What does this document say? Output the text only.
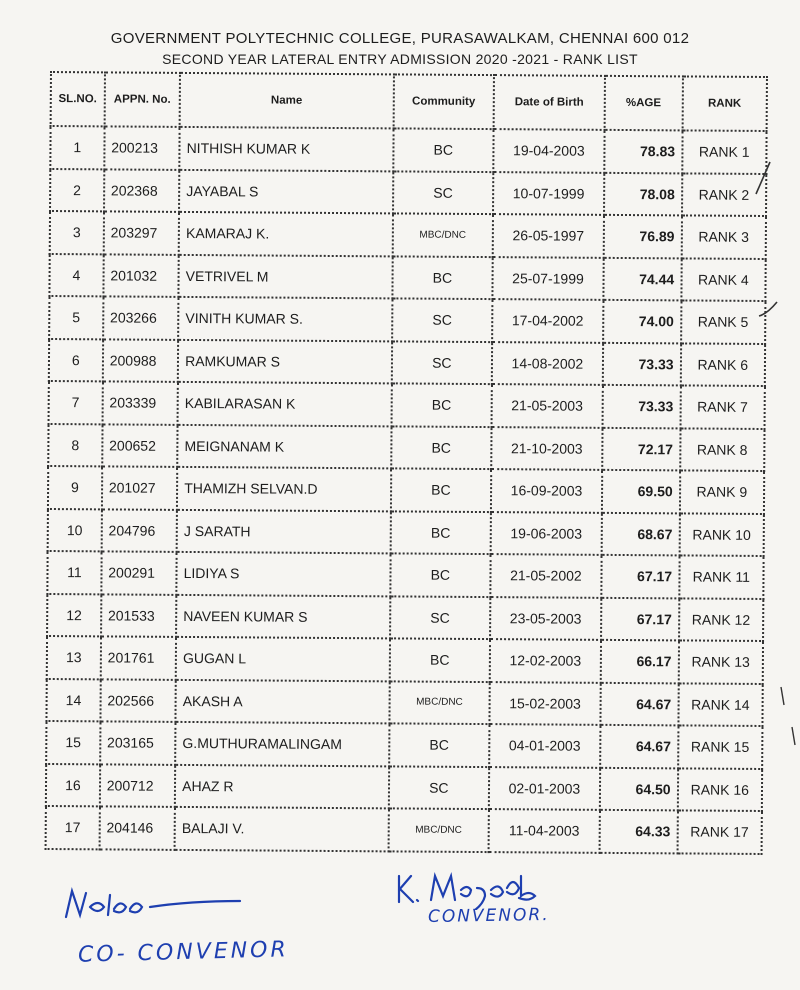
GOVERNMENT POLYTECHNIC COLLEGE, PURASAWALKAM, CHENNAI 600 012
SECOND YEAR LATERAL ENTRY ADMISSION 2020 -2021 - RANK LIST
SL.NO.	APPN. No.	Name	Community	Date of Birth	%AGE	RANK
1	200213	NITHISH KUMAR K	BC	19-04-2003	78.83	RANK 1
2	202368	JAYABAL S	SC	10-07-1999	78.08	RANK 2
3	203297	KAMARAJ K.	MBC/DNC	26-05-1997	76.89	RANK 3
4	201032	VETRIVEL M	BC	25-07-1999	74.44	RANK 4
5	203266	VINITH KUMAR S.	SC	17-04-2002	74.00	RANK 5
6	200988	RAMKUMAR S	SC	14-08-2002	73.33	RANK 6
7	203339	KABILARASAN K	BC	21-05-2003	73.33	RANK 7
8	200652	MEIGNANAM K	BC	21-10-2003	72.17	RANK 8
9	201027	THAMIZH SELVAN.D	BC	16-09-2003	69.50	RANK 9
10	204796	J SARATH	BC	19-06-2003	68.67	RANK 10
11	200291	LIDIYA S	BC	21-05-2002	67.17	RANK 11
12	201533	NAVEEN KUMAR S	SC	23-05-2003	67.17	RANK 12
13	201761	GUGAN L	BC	12-02-2003	66.17	RANK 13
14	202566	AKASH A	MBC/DNC	15-02-2003	64.67	RANK 14
15	203165	G.MUTHURAMALINGAM	BC	04-01-2003	64.67	RANK 15
16	200712	AHAZ R	SC	02-01-2003	64.50	RANK 16
17	204146	BALAJI V.	MBC/DNC	11-04-2003	64.33	RANK 17
CO- CONVENOR
CONVENOR.
